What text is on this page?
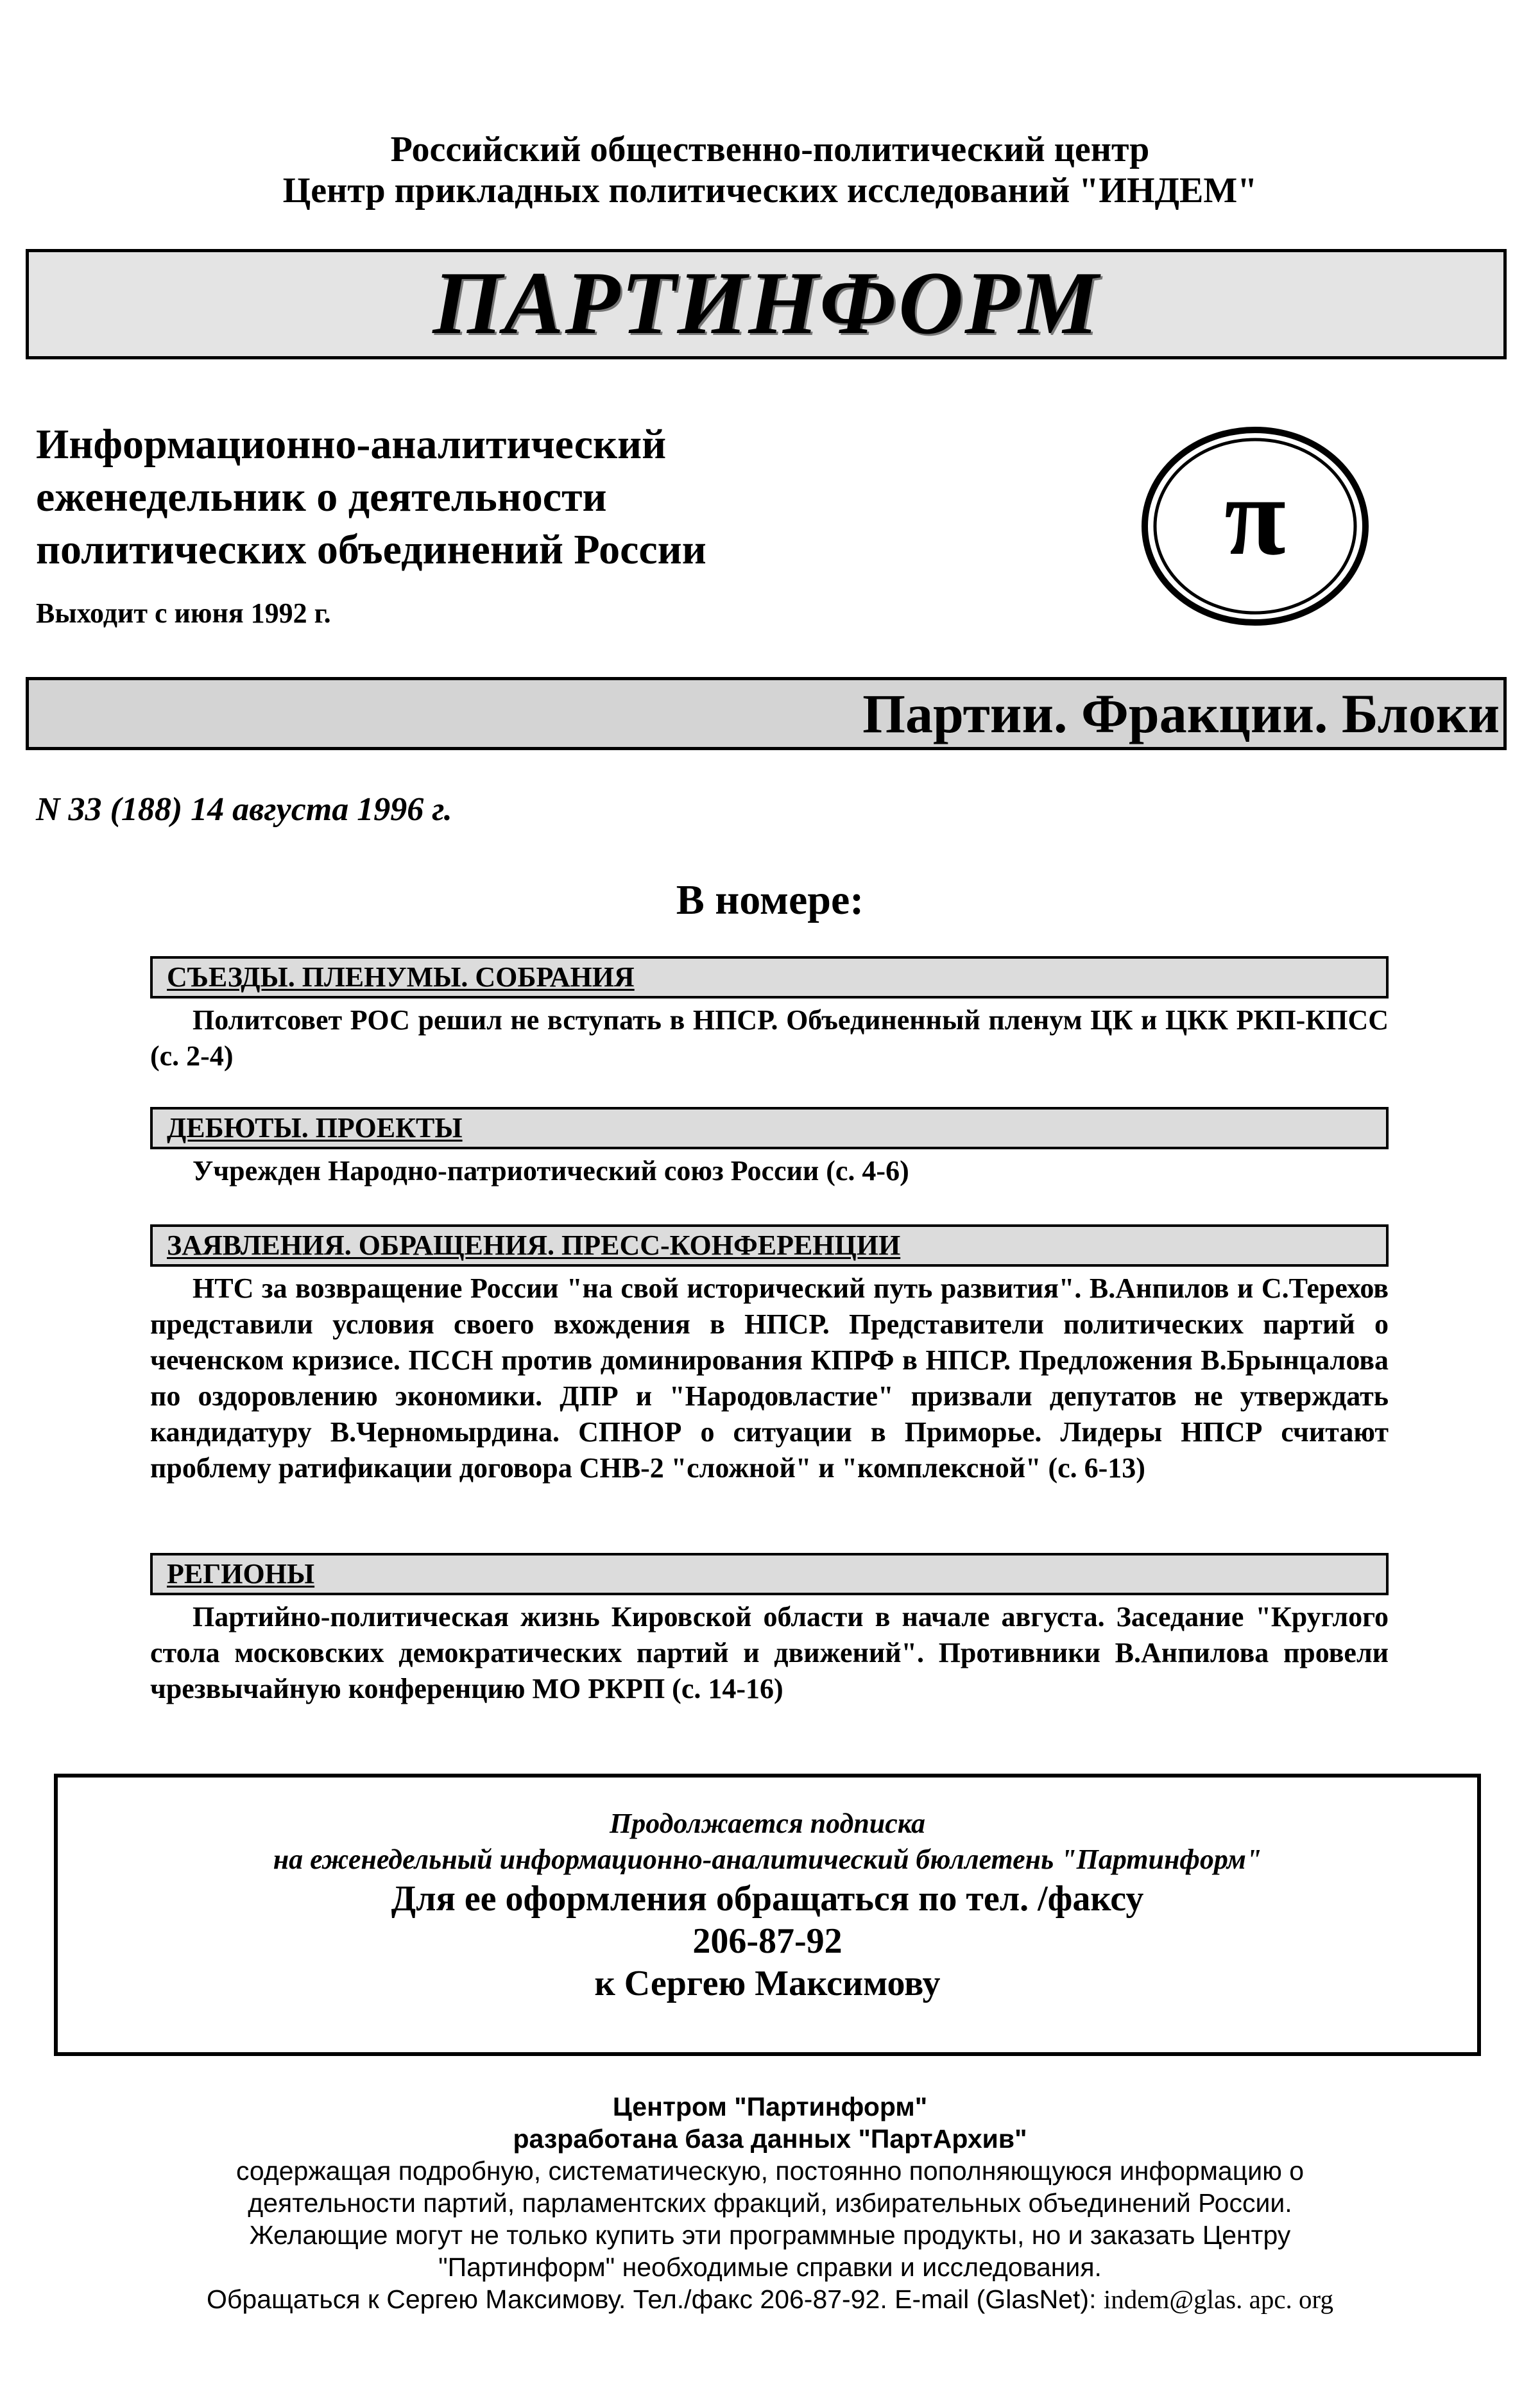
Российский общественно-политический центр
Центр прикладных политических исследований "ИНДЕМ"
ПАРТИНФОРМ
Информационно-аналитический
еженедельник о деятельности
политических объединений России
Выходит с июня 1992 г.
π
Партии. Фракции. Блоки
N 33 (188) 14 августа 1996 г.
В номере:
СЪЕЗДЫ. ПЛЕНУМЫ. СОБРАНИЯ

Политсовет РОС решил не вступать в НПСР. Объединенный пленум ЦК и ЦКК РКП-КПСС (с. 2-4)

ДЕБЮТЫ. ПРОЕКТЫ

Учрежден Народно-патриотический союз России (с. 4-6)

ЗАЯВЛЕНИЯ. ОБРАЩЕНИЯ. ПРЕСС-КОНФЕРЕНЦИИ

НТС за возвращение России "на свой исторический путь развития". В.Анпилов и С.Терехов представили условия своего вхождения в НПСР. Представители политических партий о чеченском кризисе. ПССН против доминирования КПРФ в НПСР. Предложения В.Брынцалова по оздоровлению экономики. ДПР и "Народовластие" призвали депутатов не утверждать кандидатуру В.Черномырдина. СПНОР о ситуации в Приморье. Лидеры НПСР считают проблему ратификации договора СНВ-2 "сложной" и "комплексной" (с. 6-13)

РЕГИОНЫ

Партийно-политическая жизнь Кировской области в начале августа. Заседание "Круглого стола московских демократических партий и движений". Противники В.Анпилова провели чрезвычайную конференцию МО РКРП (с. 14-16)

Продолжается подписка
на еженедельный информационно-аналитический бюллетень "Партинформ"
Для ее оформления обращаться по тел. /факсу
206-87-92
к Сергею Максимову
Центром "Партинформ"
разработана база данных "ПартАрхив"
содержащая подробную, систематическую, постоянно пополняющуюся информацию о
деятельности партий, парламентских фракций, избирательных объединений России.
Желающие могут не только купить эти программные продукты, но и заказать Центру
"Партинформ" необходимые справки и исследования.
Обращаться к Сергею Максимову. Тел./факс 206-87-92. E-mail (GlasNet): indem@glas. apc. org
